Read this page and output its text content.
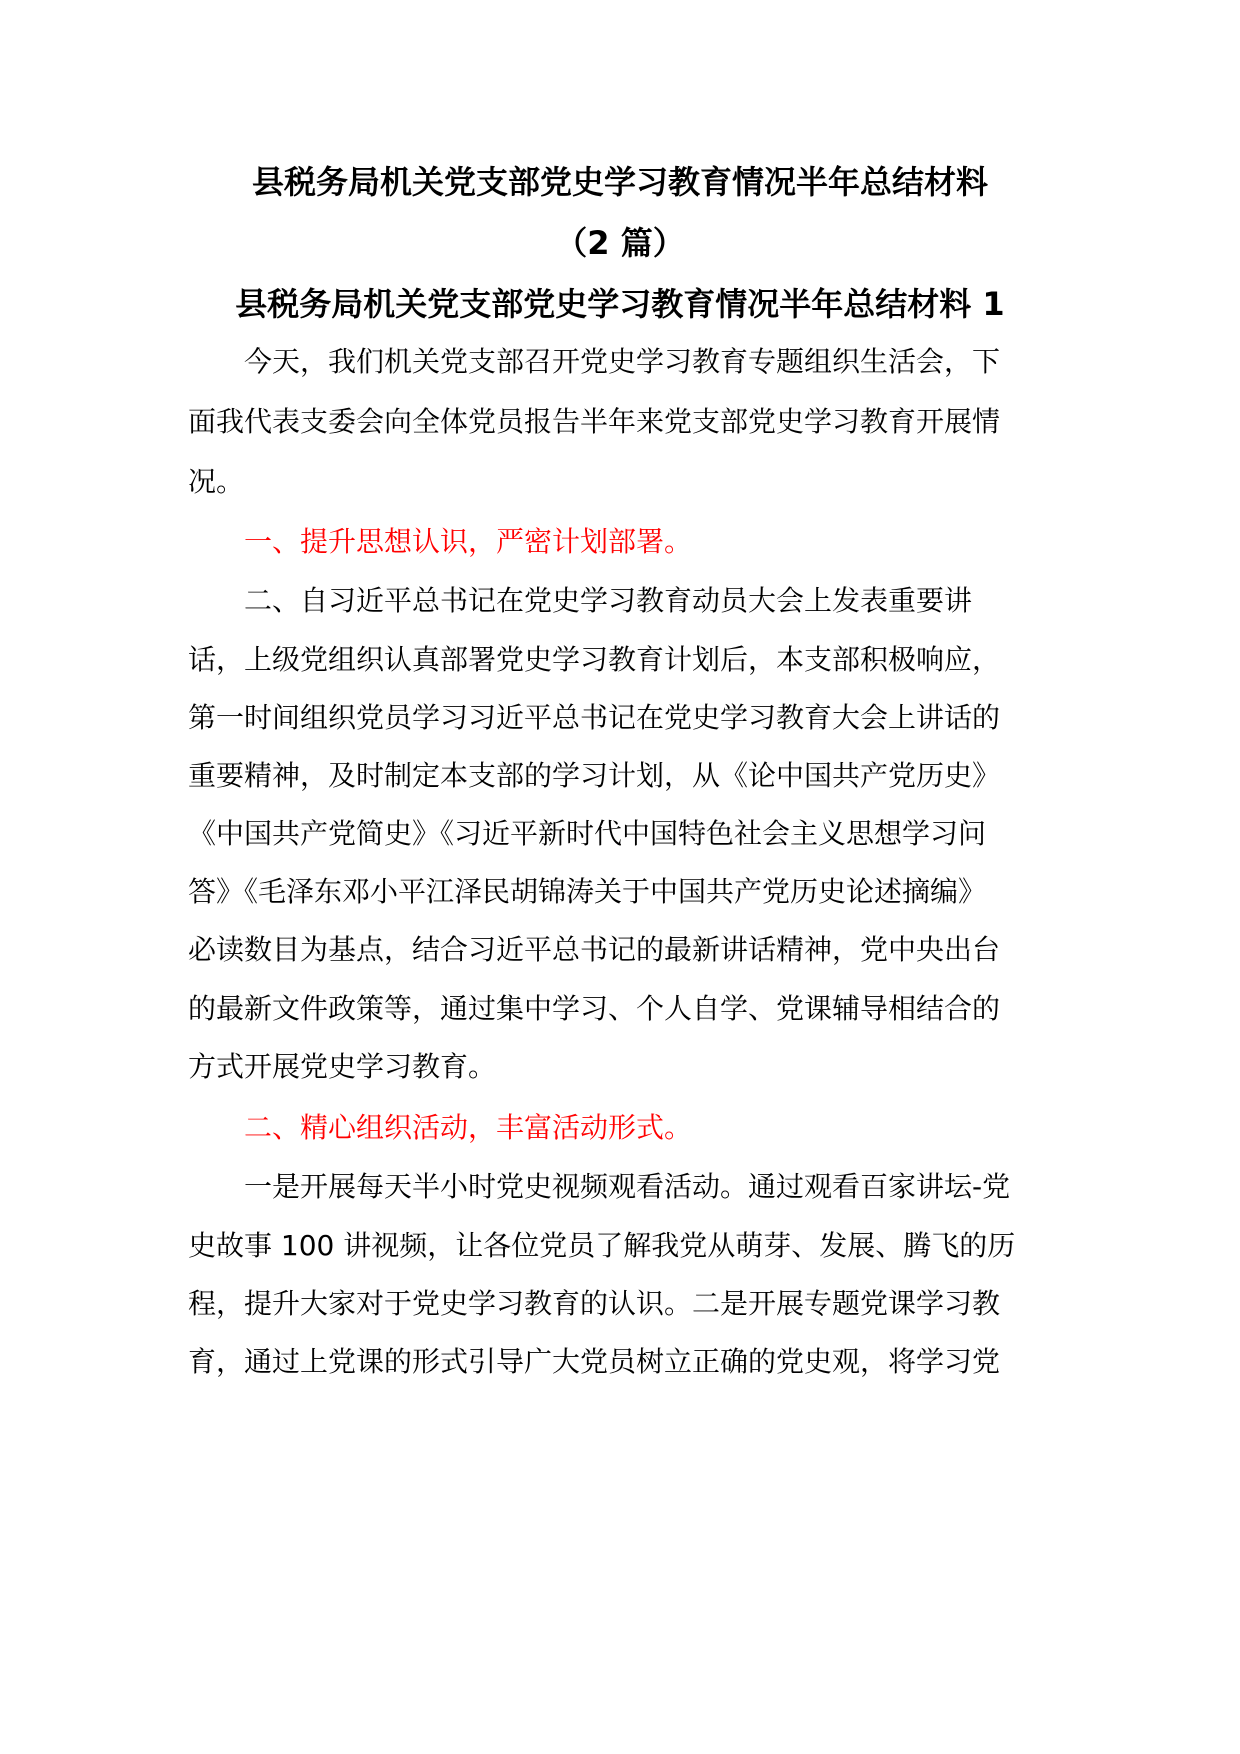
县税务局机关党支部党史学习教育情况半年总结材料
（2 篇）
县税务局机关党支部党史学习教育情况半年总结材料 1
　　今天，我们机关党支部召开党史学习教育专题组织生活会，下
面我代表支委会向全体党员报告半年来党支部党史学习教育开展情
况。
　　一、提升思想认识，严密计划部署。
　　二、自习近平总书记在党史学习教育动员大会上发表重要讲
话，上级党组织认真部署党史学习教育计划后，本支部积极响应，
第一时间组织党员学习习近平总书记在党史学习教育大会上讲话的
重要精神，及时制定本支部的学习计划，从《论中国共产党历史》
《中国共产党简史》《习近平新时代中国特色社会主义思想学习问
答》《毛泽东邓小平江泽民胡锦涛关于中国共产党历史论述摘编》
必读数目为基点，结合习近平总书记的最新讲话精神，党中央出台
的最新文件政策等，通过集中学习、个人自学、党课辅导相结合的
方式开展党史学习教育。
　　二、精心组织活动，丰富活动形式。
　　一是开展每天半小时党史视频观看活动。通过观看百家讲坛-党
史故事 100 讲视频，让各位党员了解我党从萌芽、发展、腾飞的历
程，提升大家对于党史学习教育的认识。二是开展专题党课学习教
育，通过上党课的形式引导广大党员树立正确的党史观，将学习党
